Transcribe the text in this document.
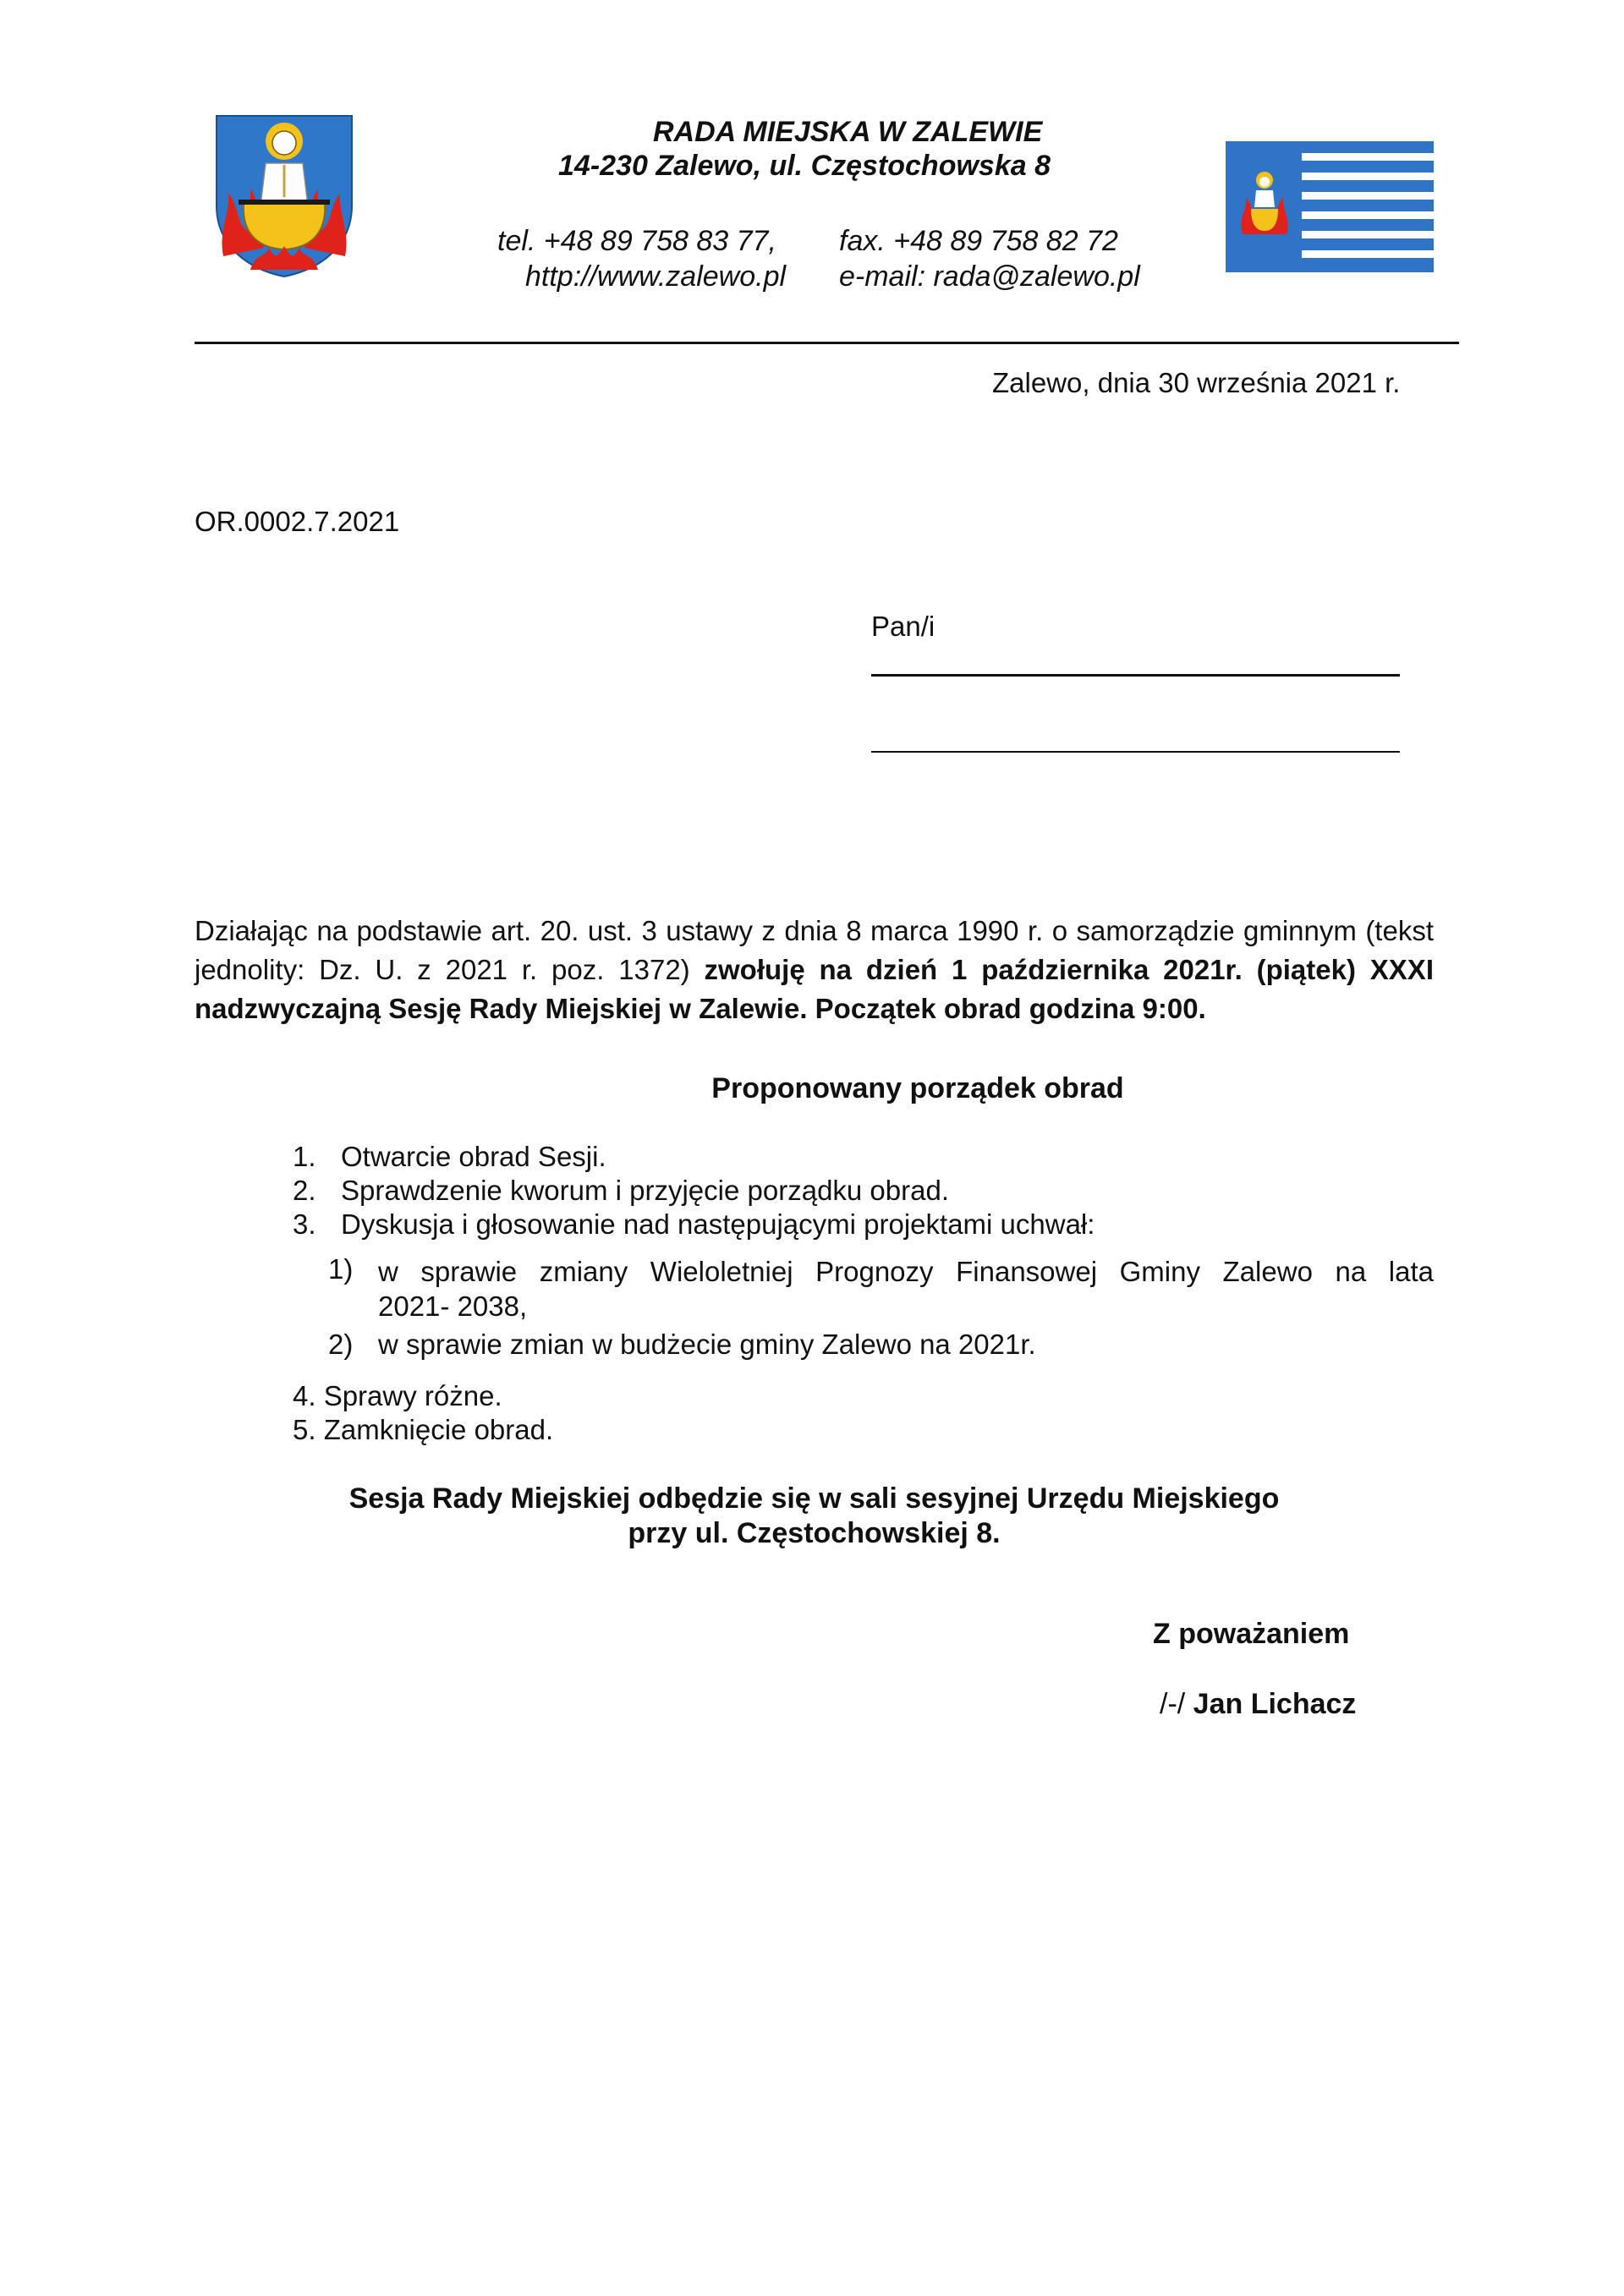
RADA MIEJSKA W ZALEWIE
14-230 Zalewo, ul. Częstochowska 8
tel. +48 89 758 83 77, fax. +48 89 758 82 72
http://www.zalewo.pl e-mail: rada@zalewo.pl
Zalewo, dnia 30 września 2021 r.
OR.0002.7.2021
Pan/i
Działając na podstawie art. 20. ust. 3 ustawy z dnia 8 marca 1990 r. o samorządzie gminnym (tekst jednolity: Dz. U. z 2021 r. poz. 1372) zwołuję na dzień 1 października 2021r. (piątek) XXXI nadzwyczajną Sesję Rady Miejskiej w Zalewie. Początek obrad godzina 9:00.
Proponowany porządek obrad
1. Otwarcie obrad Sesji.
2. Sprawdzenie kworum i przyjęcie porządku obrad.
3. Dyskusja i głosowanie nad następującymi projektami uchwał:
1) w sprawie zmiany Wieloletniej Prognozy Finansowej Gminy Zalewo na lata
2021- 2038,
2) w sprawie zmian w budżecie gminy Zalewo na 2021r.
4. Sprawy różne.
5. Zamknięcie obrad.
Sesja Rady Miejskiej odbędzie się w sali sesyjnej Urzędu Miejskiego
przy ul. Częstochowskiej 8.
Z poważaniem
/-/ Jan Lichacz
